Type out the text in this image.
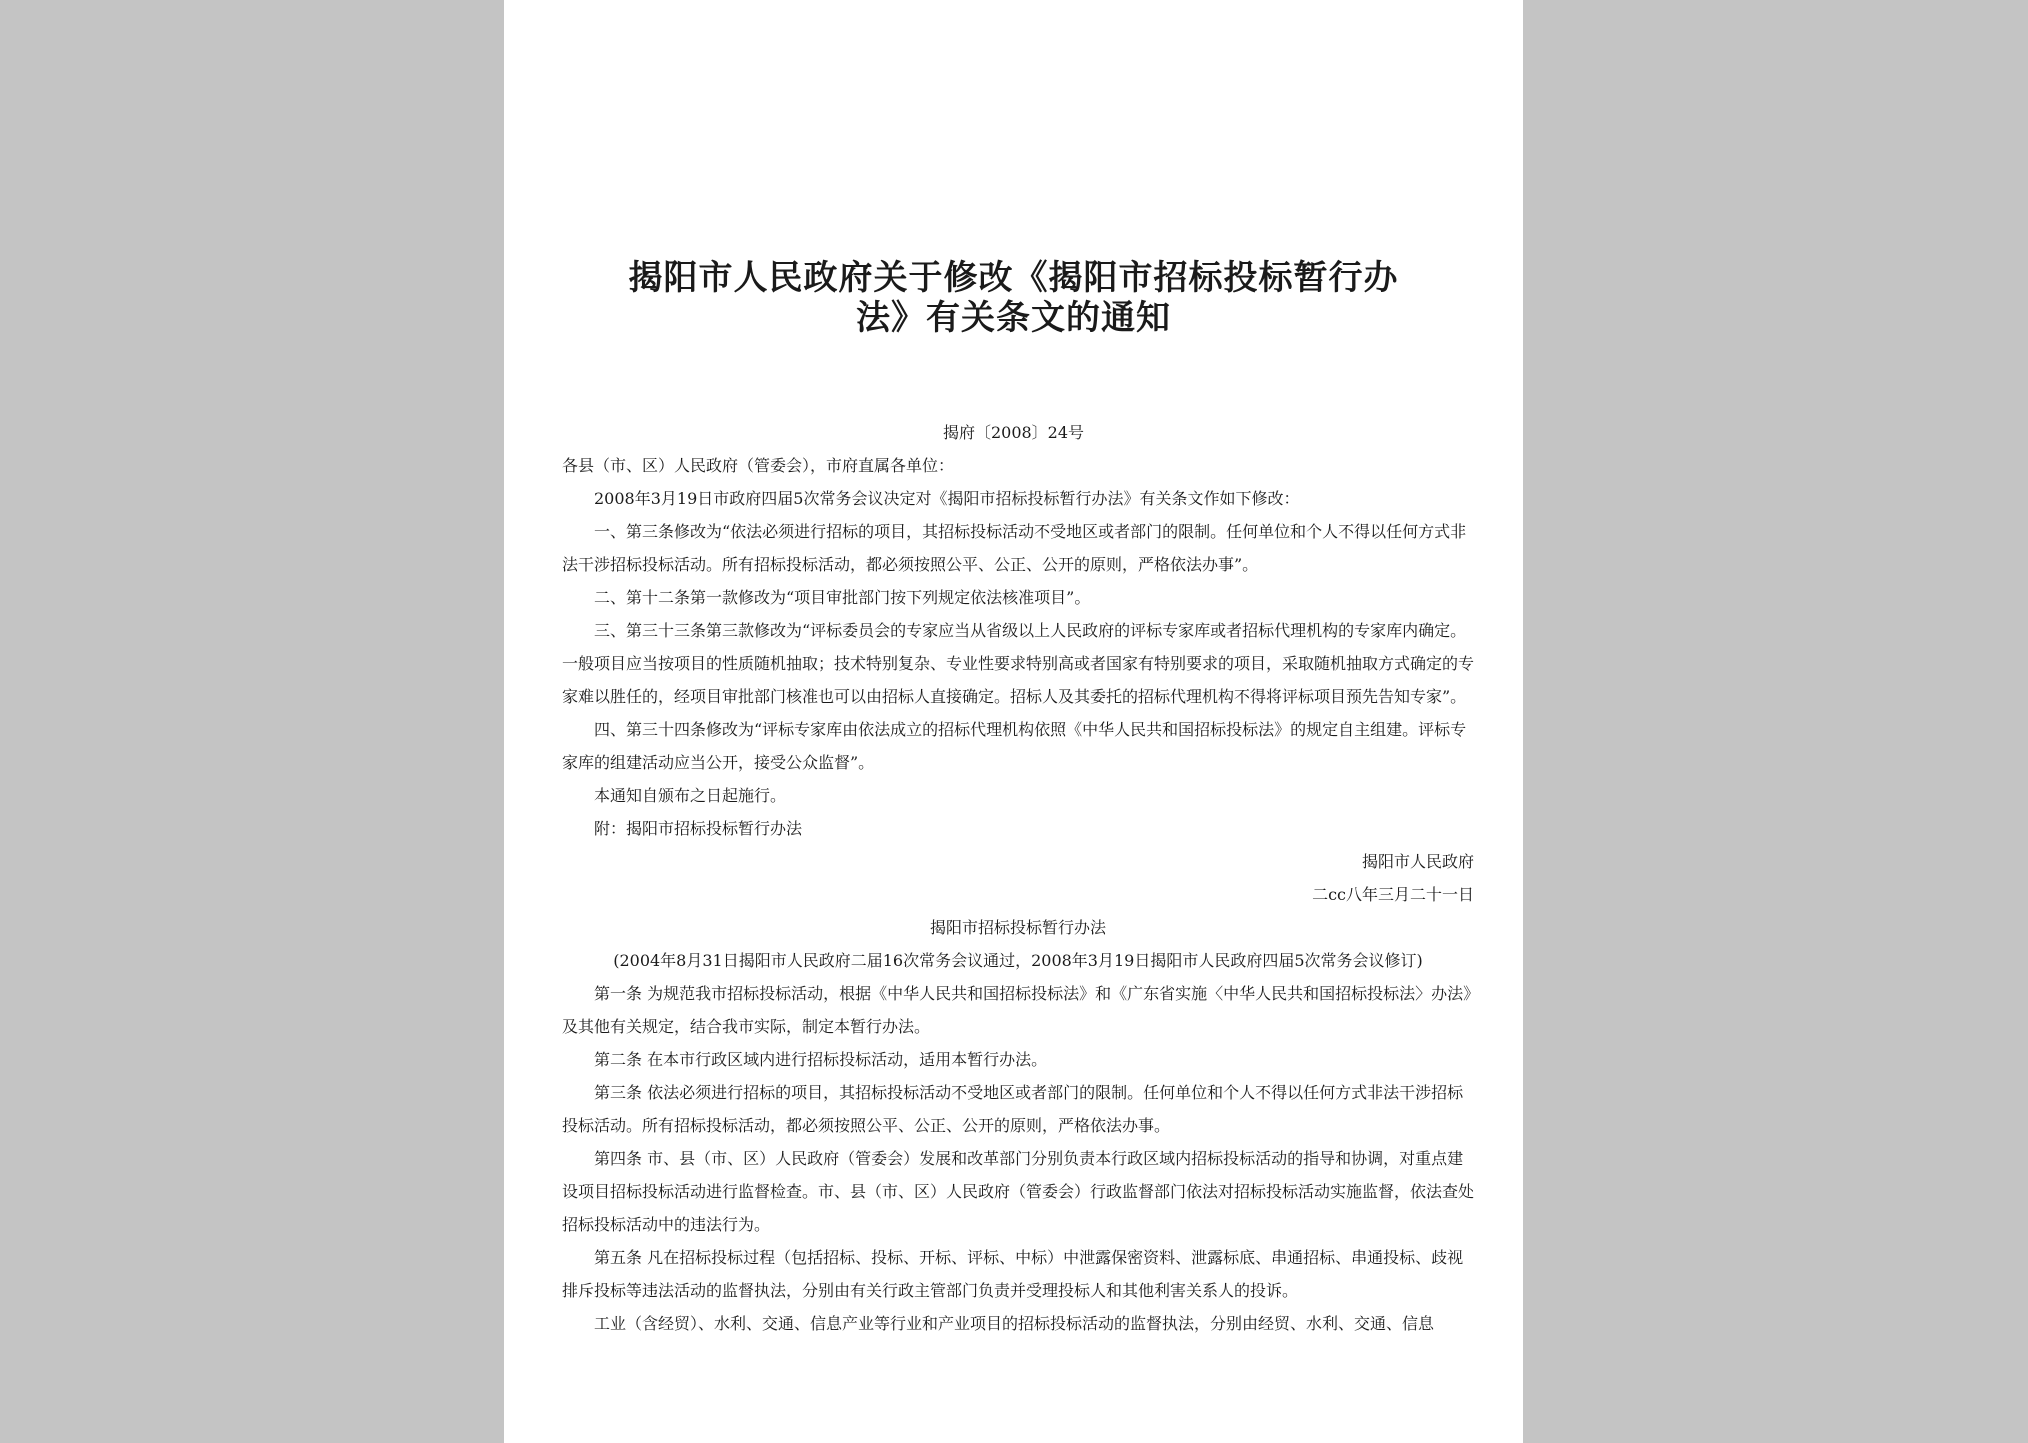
揭阳市人民政府关于修改《揭阳市招标投标暂行办
法》有关条文的通知
揭府〔2008〕24号

各县（市、区）人民政府（管委会），市府直属各单位：

2008年3月19日市政府四届5次常务会议决定对《揭阳市招标投标暂行办法》有关条文作如下修改：

一、第三条修改为“依法必须进行招标的项目，其招标投标活动不受地区或者部门的限制。任何单位和个人不得以任何方式非法干涉招标投标活动。所有招标投标活动，都必须按照公平、公正、公开的原则，严格依法办事”。

二、第十二条第一款修改为“项目审批部门按下列规定依法核准项目”。

三、第三十三条第三款修改为“评标委员会的专家应当从省级以上人民政府的评标专家库或者招标代理机构的专家库内确定。一般项目应当按项目的性质随机抽取；技术特别复杂、专业性要求特别高或者国家有特别要求的项目，采取随机抽取方式确定的专家难以胜任的，经项目审批部门核准也可以由招标人直接确定。招标人及其委托的招标代理机构不得将评标项目预先告知专家”。

四、第三十四条修改为“评标专家库由依法成立的招标代理机构依照《中华人民共和国招标投标法》的规定自主组建。评标专家库的组建活动应当公开，接受公众监督”。

本通知自颁布之日起施行。

附：揭阳市招标投标暂行办法

揭阳市人民政府

二cc八年三月二十一日

揭阳市招标投标暂行办法

(2004年8月31日揭阳市人民政府二届16次常务会议通过，2008年3月19日揭阳市人民政府四届5次常务会议修订)

第一条 为规范我市招标投标活动，根据《中华人民共和国招标投标法》和《广东省实施〈中华人民共和国招标投标法〉办法》及其他有关规定，结合我市实际，制定本暂行办法。

第二条 在本市行政区域内进行招标投标活动，适用本暂行办法。

第三条 依法必须进行招标的项目，其招标投标活动不受地区或者部门的限制。任何单位和个人不得以任何方式非法干涉招标投标活动。所有招标投标活动，都必须按照公平、公正、公开的原则，严格依法办事。

第四条 市、县（市、区）人民政府（管委会）发展和改革部门分别负责本行政区域内招标投标活动的指导和协调，对重点建设项目招标投标活动进行监督检查。市、县（市、区）人民政府（管委会）行政监督部门依法对招标投标活动实施监督，依法查处招标投标活动中的违法行为。

第五条 凡在招标投标过程（包括招标、投标、开标、评标、中标）中泄露保密资料、泄露标底、串通招标、串通投标、歧视排斥投标等违法活动的监督执法，分别由有关行政主管部门负责并受理投标人和其他利害关系人的投诉。

工业（含经贸）、水利、交通、信息产业等行业和产业项目的招标投标活动的监督执法，分别由经贸、水利、交通、信息
